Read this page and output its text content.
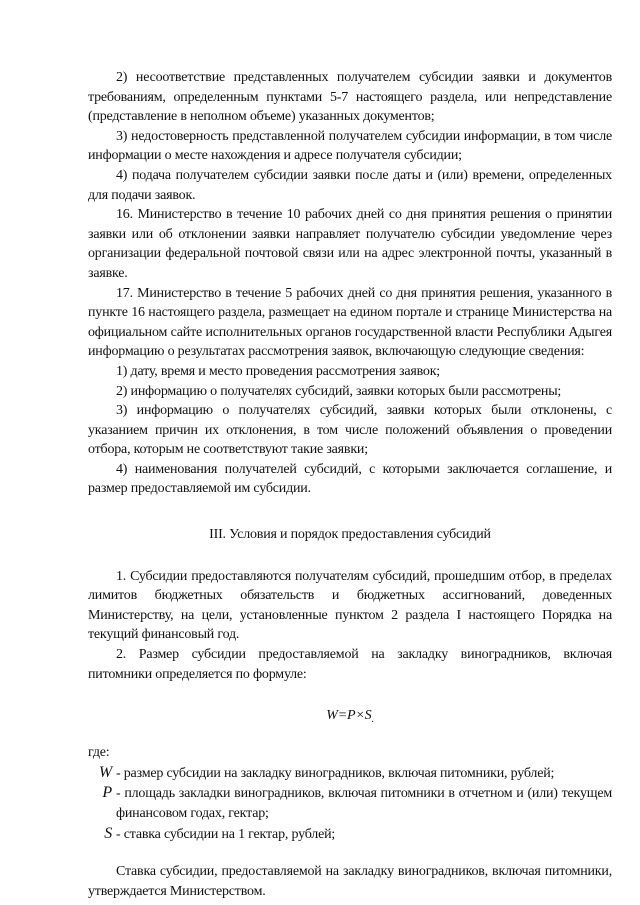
2) несоответствие представленных получателем субсидии заявки и документов требованиям, определенным пунктами 5-7 настоящего раздела, или непредставление (представление в неполном объеме) указанных документов;

3) недостоверность представленной получателем субсидии информации, в том числе информации о месте нахождения и адресе получателя субсидии;

4) подача получателем субсидии заявки после даты и (или) времени, определенных для подачи заявок.

16. Министерство в течение 10 рабочих дней со дня принятия решения о принятии заявки или об отклонении заявки направляет получателю субсидии уведомление через организации федеральной почтовой связи или на адрес электронной почты, указанный в заявке.

17. Министерство в течение 5 рабочих дней со дня принятия решения, указанного в пункте 16 настоящего раздела, размещает на едином портале и странице Министерства на официальном сайте исполнительных органов государственной власти Республики Адыгея информацию о результатах рассмотрения заявок, включающую следующие сведения:

1) дату, время и место проведения рассмотрения заявок;

2) информацию о получателях субсидий, заявки которых были рассмотрены;

3) информацию о получателях субсидий, заявки которых были отклонены, с указанием причин их отклонения, в том числе положений объявления о проведении отбора, которым не соответствуют такие заявки;

4) наименования получателей субсидий, с которыми заключается соглашение, и размер предоставляемой им субсидии.

III. Условия и порядок предоставления субсидий

1. Субсидии предоставляются получателям субсидий, прошедшим отбор, в пределах лимитов бюджетных обязательств и бюджетных ассигнований, доведенных Министерству, на цели, установленные пунктом 2 раздела I настоящего Порядка на текущий финансовый год.

2. Размер субсидии предоставляемой на закладку виноградников, включая питомники определяется по формуле:

$W=P\times S_.$

где:

W - размер субсидии на закладку виноградников, включая питомники, рублей;

P - площадь закладки виноградников, включая питомники в отчетном и (или) текущем финансовом годах, гектар;

S - ставка субсидии на 1 гектар, рублей;

Ставка субсидии, предоставляемой на закладку виноградников, включая питомники, утверждается Министерством.
